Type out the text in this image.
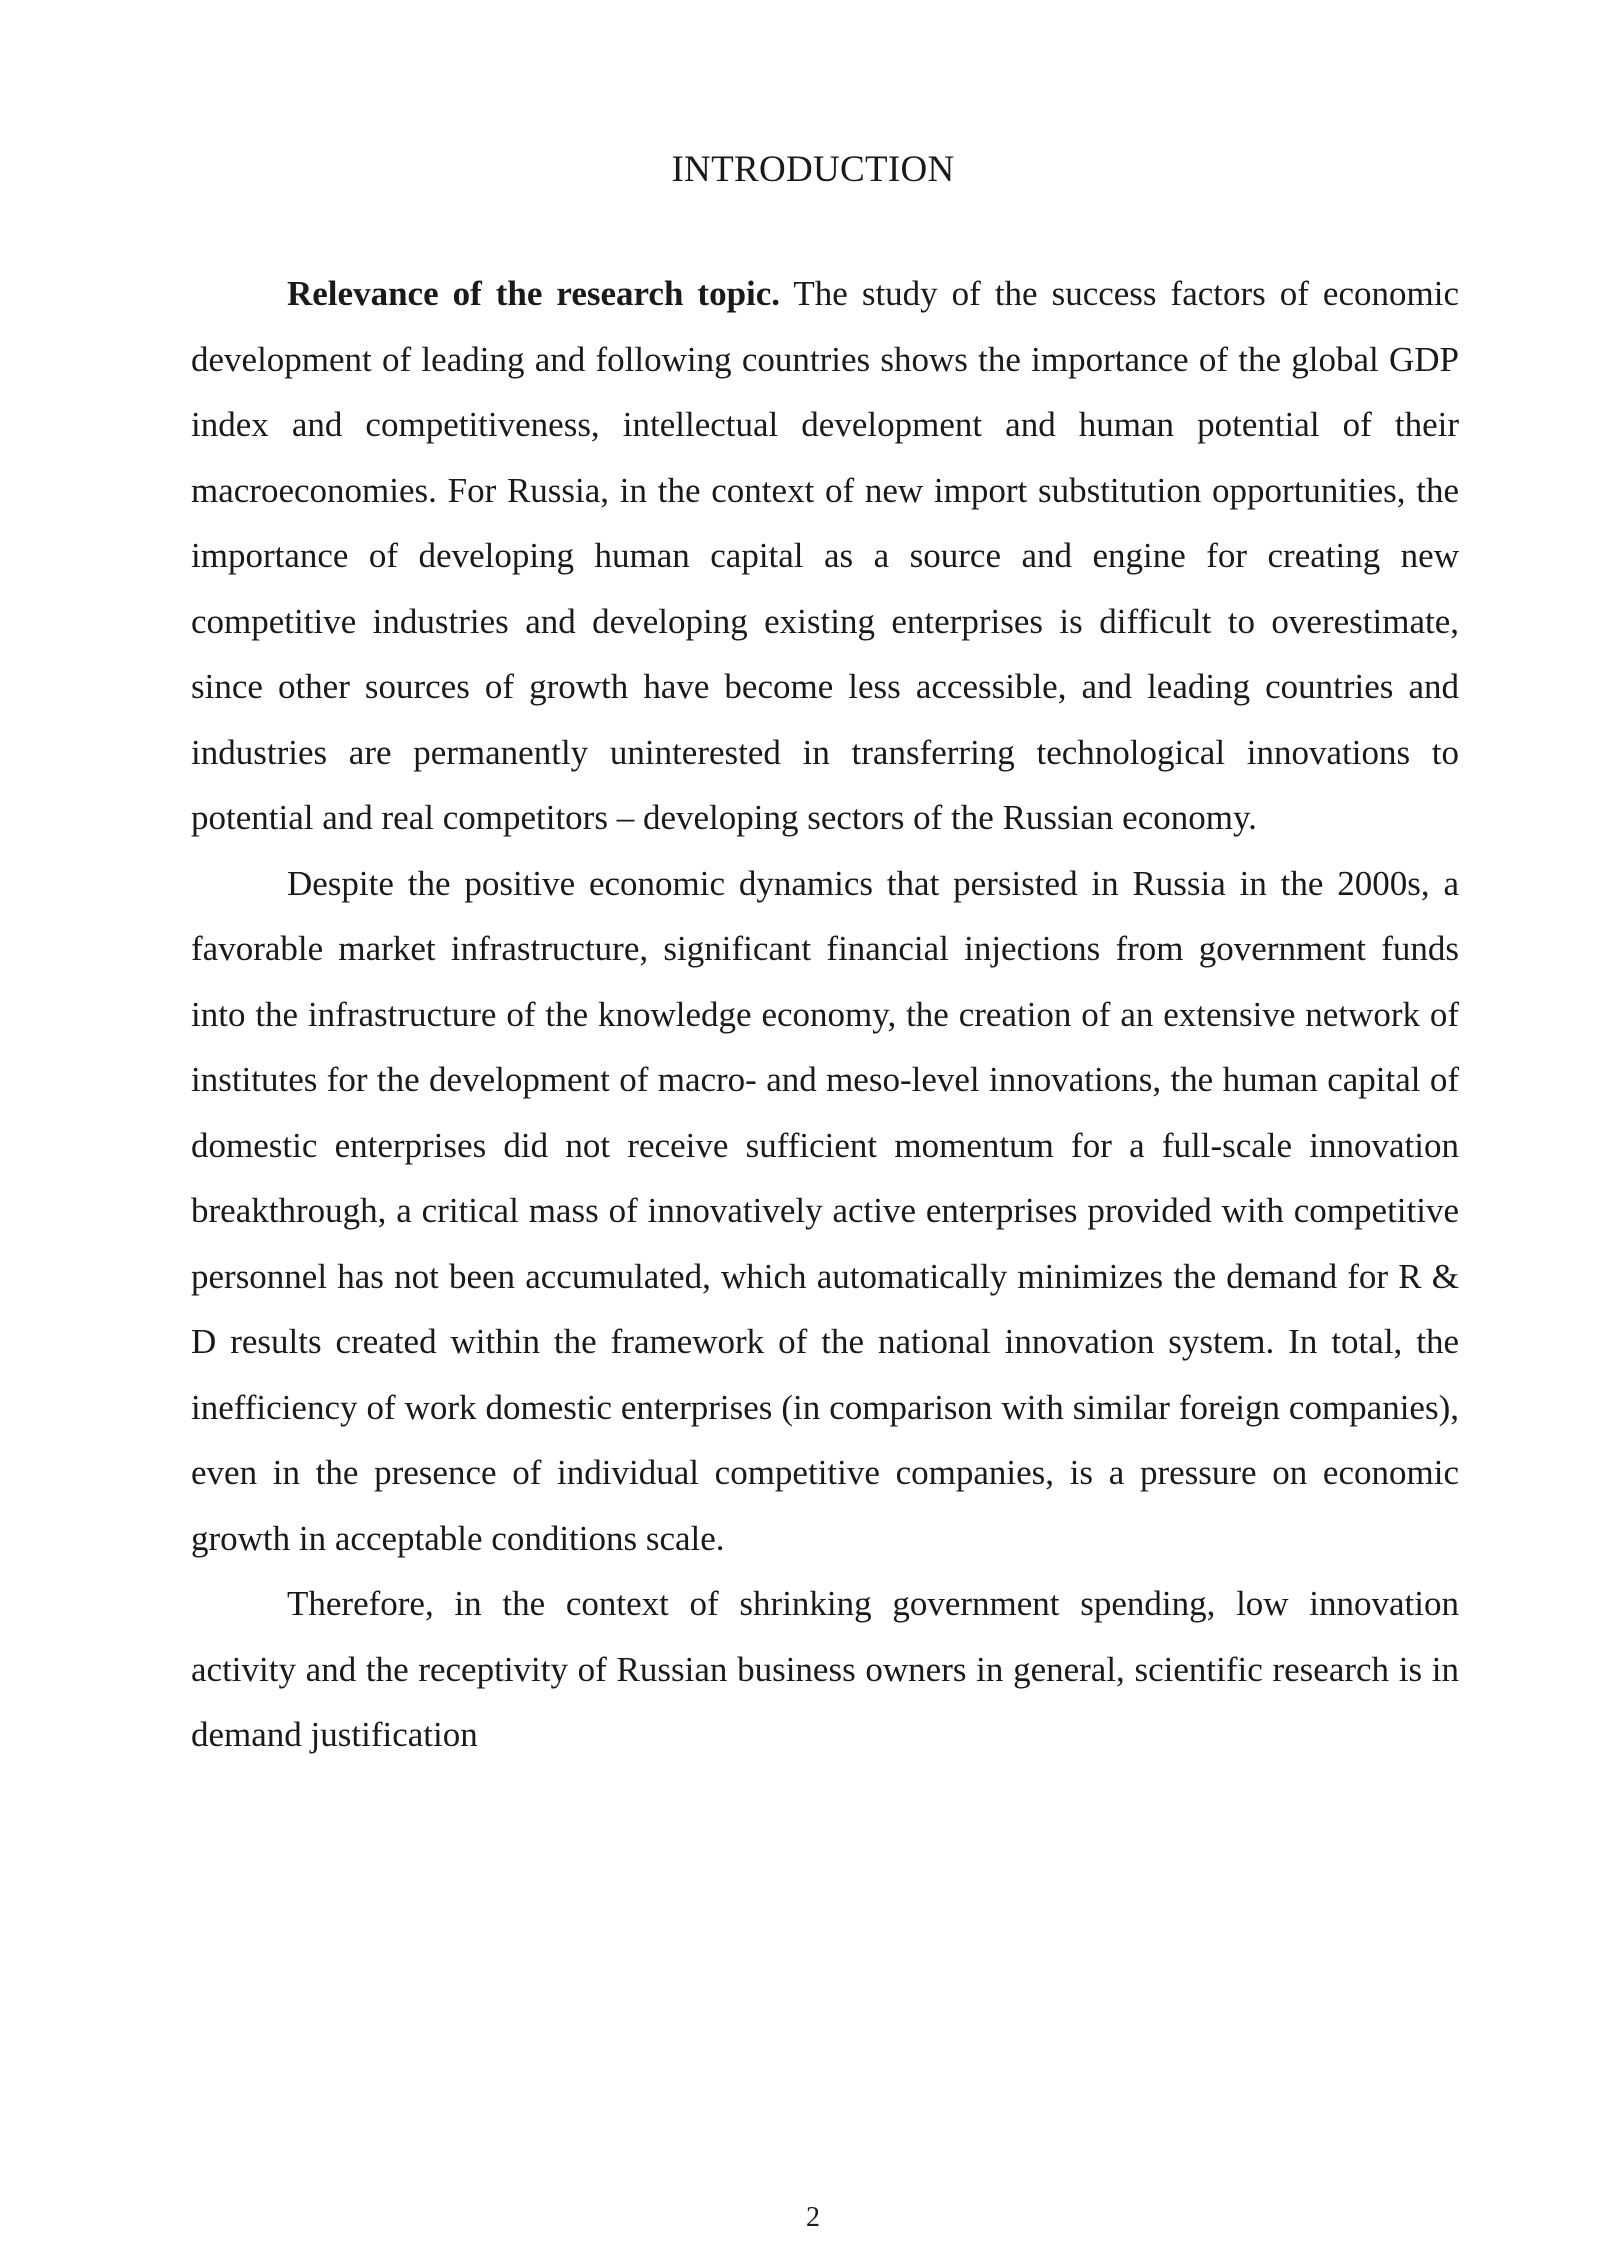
INTRODUCTION

Relevance of the research topic. The study of the success factors of economic development of leading and following countries shows the importance of the global GDP index and competitiveness, intellectual development and human potential of their macroeconomies. For Russia, in the context of new import substitution opportunities, the importance of developing human capital as a source and engine for creating new competitive industries and developing existing enterprises is difficult to overestimate, since other sources of growth have become less accessible, and leading countries and industries are permanently uninterested in transferring technological innovations to potential and real competitors – developing sectors of the Russian economy.

Despite the positive economic dynamics that persisted in Russia in the 2000s, a favorable market infrastructure, significant financial injections from government funds into the infrastructure of the knowledge economy, the creation of an extensive network of institutes for the development of macro- and meso-level innovations, the human capital of domestic enterprises did not receive sufficient momentum for a full-scale innovation breakthrough, a critical mass of innovatively active enterprises provided with competitive personnel has not been accumulated, which automatically minimizes the demand for R & D results created within the framework of the national innovation system. In total, the inefficiency of work domestic enterprises (in comparison with similar foreign companies), even in the presence of individual competitive companies, is a pressure on economic growth in acceptable conditions scale.

Therefore, in the context of shrinking government spending, low innovation activity and the receptivity of Russian business owners in general, scientific research is in demand justification

2
